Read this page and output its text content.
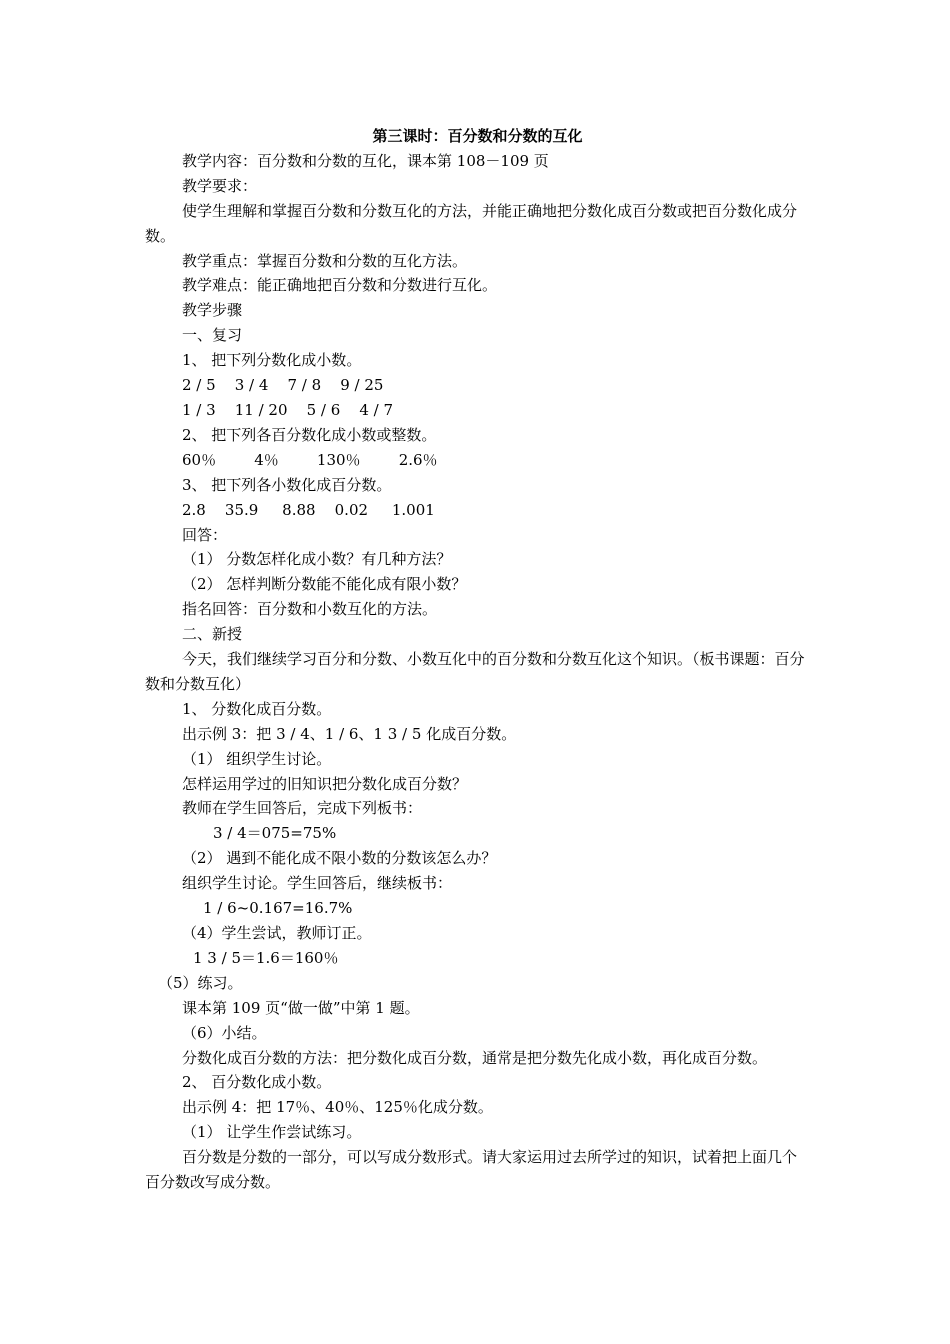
第三课时：百分数和分数的互化
教学内容：百分数和分数的互化，课本第 108－109 页
教学要求：
使学生理解和掌握百分数和分数互化的方法，并能正确地把分数化成百分数或把百分数化成分数。
教学重点：掌握百分数和分数的互化方法。
教学难点：能正确地把百分数和分数进行互化。
教学步骤
一、复习
1、 把下列分数化成小数。
2 / 5    3 / 4    7 / 8    9 / 25
1 / 3    11 / 20    5 / 6    4 / 7
2、 把下列各百分数化成小数或整数。
60％        4％        130％        2.6％
3、 把下列各小数化成百分数。
2.8    35.9     8.88    0.02     1.001
回答：
（1） 分数怎样化成小数？有几种方法？
（2） 怎样判断分数能不能化成有限小数？
指名回答：百分数和小数互化的方法。
二、新授
今天，我们继续学习百分和分数、小数互化中的百分数和分数互化这个知识。（板书课题：百分数和分数互化）
1、 分数化成百分数。
出示例 3：把 3 / 4、1 / 6、1 3 / 5 化成百分数。
（1） 组织学生讨论。
怎样运用学过的旧知识把分数化成百分数？
教师在学生回答后，完成下列板书：
3 / 4＝075=75%
（2） 遇到不能化成不限小数的分数该怎么办？
组织学生讨论。学生回答后，继续板书：
1 / 6~0.167=16.7%
（4）学生尝试，教师订正。
1 3 / 5＝1.6＝160％
（5）练习。
课本第 109 页“做一做”中第 1 题。
（6）小结。
分数化成百分数的方法：把分数化成百分数，通常是把分数先化成小数，再化成百分数。
2、 百分数化成小数。
出示例 4：把 17％、40％、125％化成分数。
（1） 让学生作尝试练习。
百分数是分数的一部分，可以写成分数形式。请大家运用过去所学过的知识，试着把上面几个百分数改写成分数。
